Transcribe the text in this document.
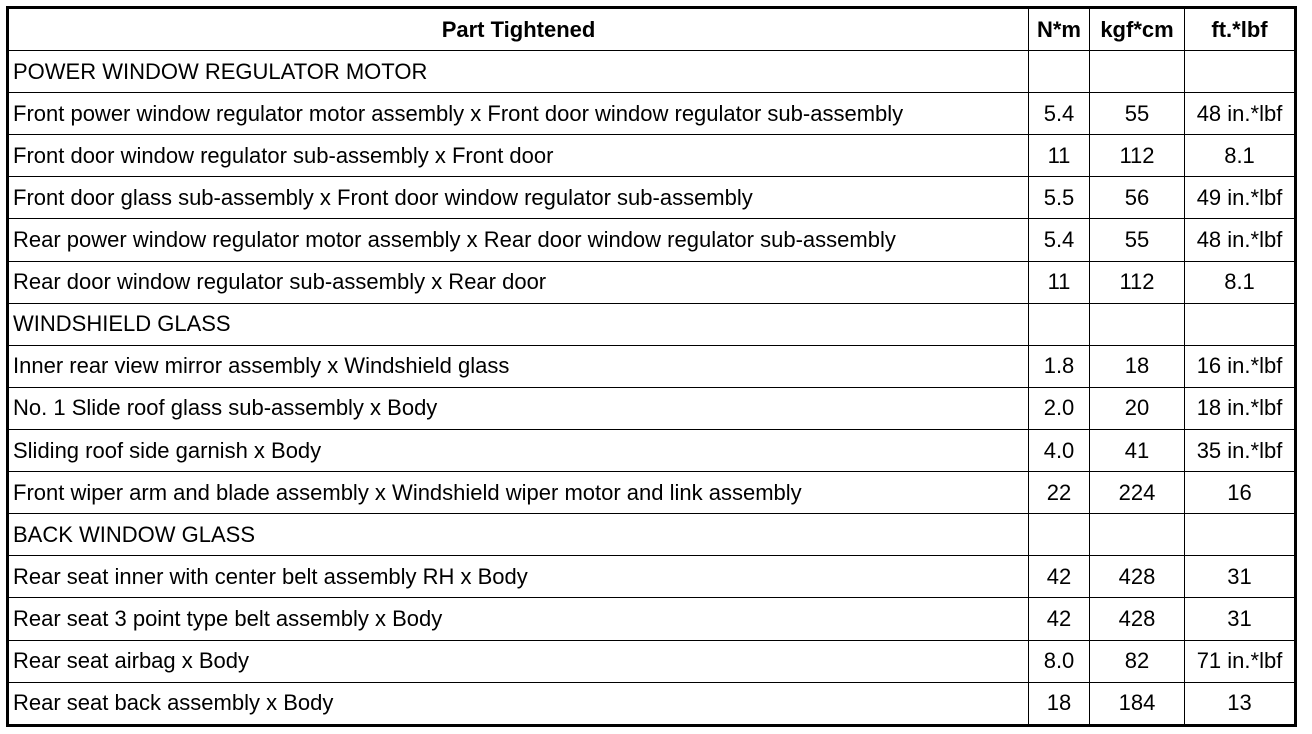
Part Tightened	N*m	kgf*cm	ft.*lbf
POWER WINDOW REGULATOR MOTOR			
Front power window regulator motor assembly x Front door window regulator sub-assembly	5.4	55	48 in.*lbf
Front door window regulator sub-assembly x Front door	11	112	8.1
Front door glass sub-assembly x Front door window regulator sub-assembly	5.5	56	49 in.*lbf
Rear power window regulator motor assembly x Rear door window regulator sub-assembly	5.4	55	48 in.*lbf
Rear door window regulator sub-assembly x Rear door	11	112	8.1
WINDSHIELD GLASS			
Inner rear view mirror assembly x Windshield glass	1.8	18	16 in.*lbf
No. 1 Slide roof glass sub-assembly x Body	2.0	20	18 in.*lbf
Sliding roof side garnish x Body	4.0	41	35 in.*lbf
Front wiper arm and blade assembly x Windshield wiper motor and link assembly	22	224	16
BACK WINDOW GLASS			
Rear seat inner with center belt assembly RH x Body	42	428	31
Rear seat 3 point type belt assembly x Body	42	428	31
Rear seat airbag x Body	8.0	82	71 in.*lbf
Rear seat back assembly x Body	18	184	13
